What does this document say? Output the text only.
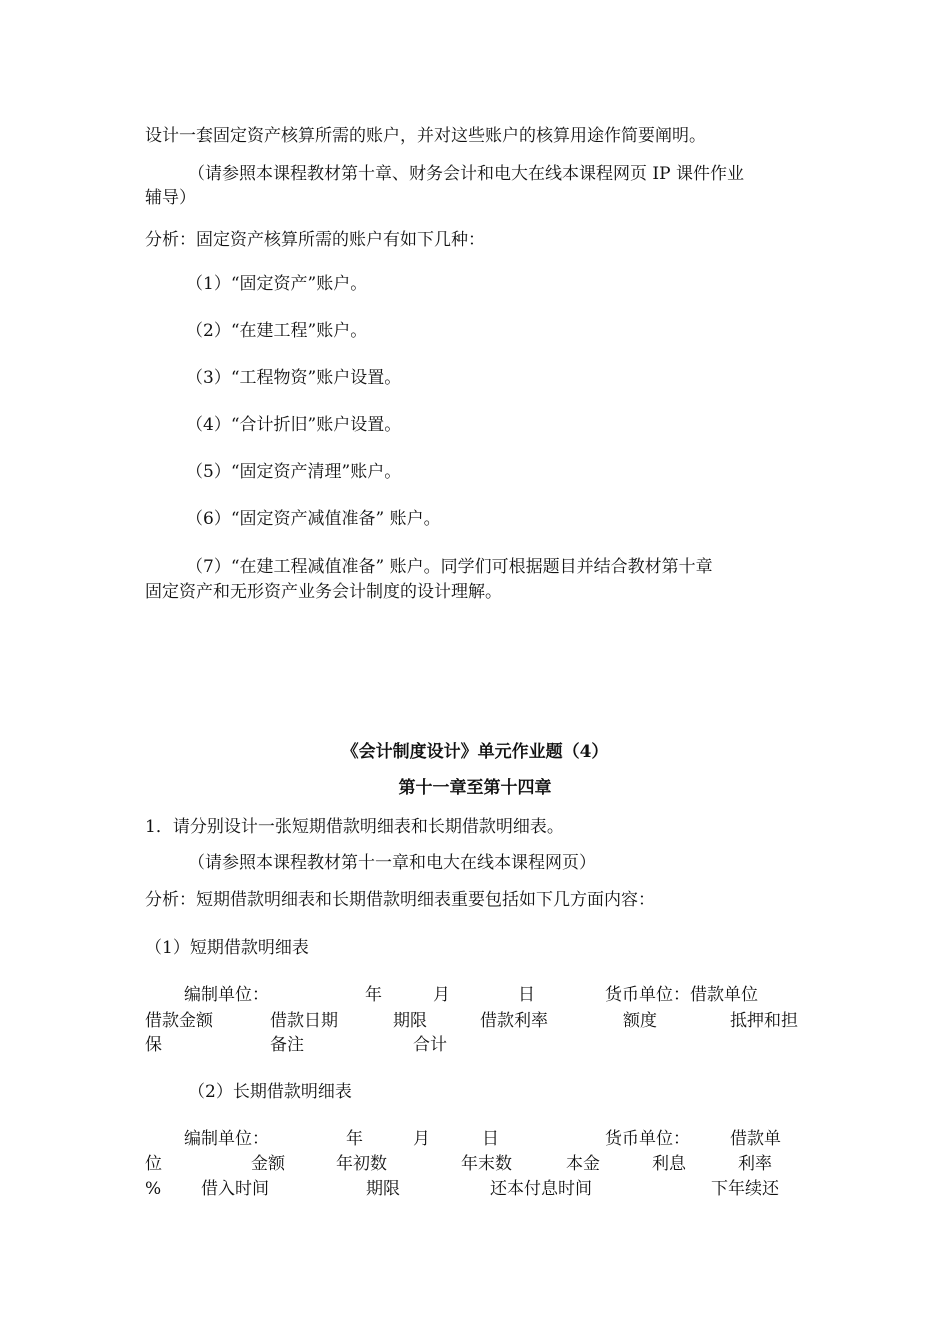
设计一套固定资产核算所需的账户，并对这些账户的核算用途作简要阐明。
（请参照本课程教材第十章、财务会计和电大在线本课程网页 IP 课件作业
辅导）
分析：固定资产核算所需的账户有如下几种：
（1）“固定资产”账户。
（2）“在建工程”账户。
（3）“工程物资”账户设置。
（4）“合计折旧”账户设置。
（5）“固定资产清理”账户。
（6）“固定资产减值准备” 账户。
（7）“在建工程减值准备” 账户。同学们可根据题目并结合教材第十章
固定资产和无形资产业务会计制度的设计理解。
《会计制度设计》单元作业题（4）
第十一章至第十四章
1．请分别设计一张短期借款明细表和长期借款明细表。
（请参照本课程教材第十一章和电大在线本课程网页）
分析：短期借款明细表和长期借款明细表重要包括如下几方面内容：
（1）短期借款明细表
编制单位：	年	月	日	货币单位：借款单位
借款金额	借款日期	期限	借款利率	额度	抵押和担
保	备注	合计
（2）长期借款明细表
编制单位：	年	月	日	货币单位： 借款单
位	金额	年初数	年末数	本金	利息	利率
% 借入时间	期限	还本付息时间	下年续还
